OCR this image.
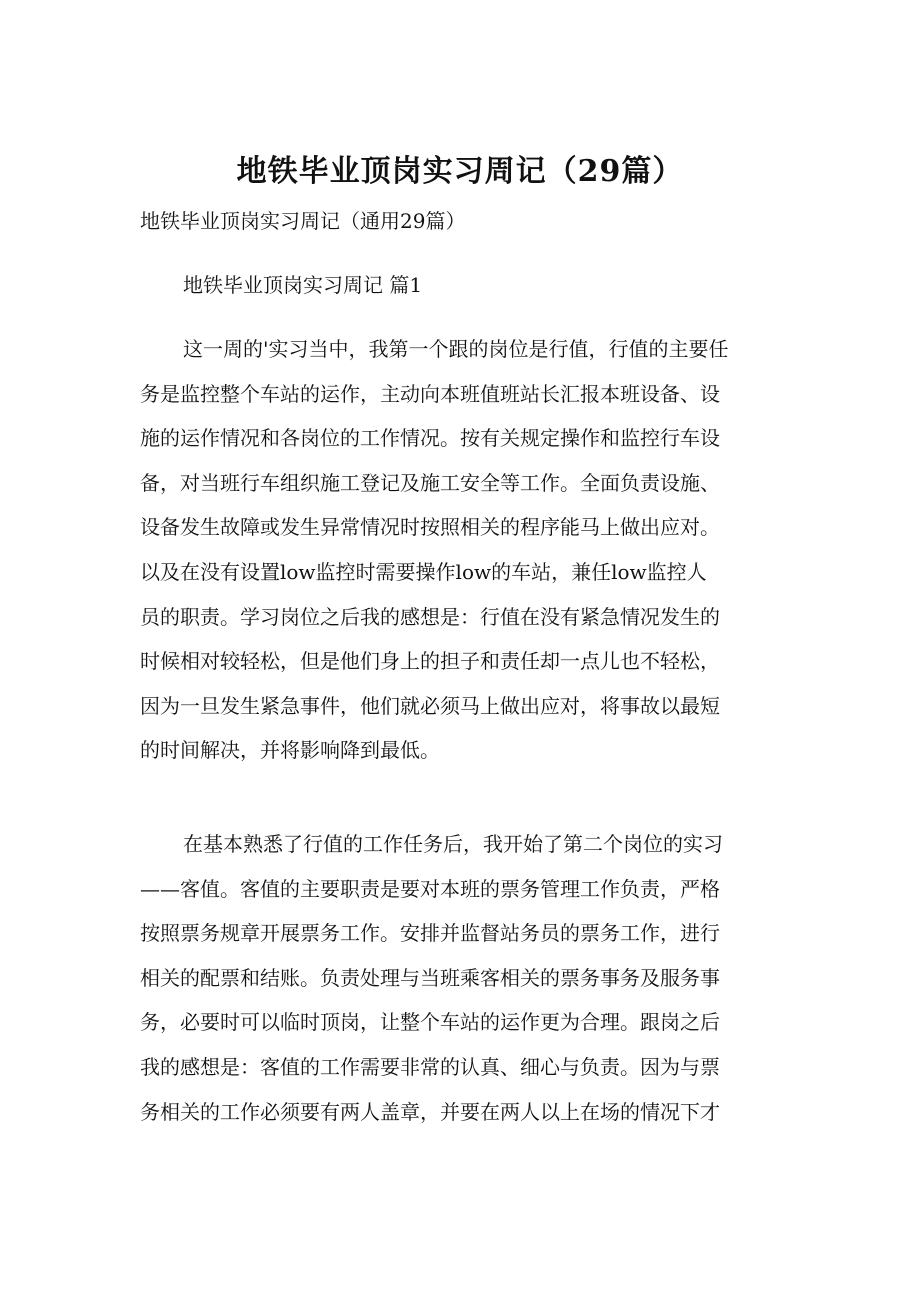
地铁毕业顶岗实习周记（29篇）

地铁毕业顶岗实习周记（通用29篇）

地铁毕业顶岗实习周记 篇1

这一周的'实习当中，我第一个跟的岗位是行值，行值的主要任
务是监控整个车站的运作，主动向本班值班站长汇报本班设备、设
施的运作情况和各岗位的工作情况。按有关规定操作和监控行车设
备，对当班行车组织施工登记及施工安全等工作。全面负责设施、
设备发生故障或发生异常情况时按照相关的程序能马上做出应对。
以及在没有设置low监控时需要操作low的车站，兼任low监控人
员的职责。学习岗位之后我的感想是：行值在没有紧急情况发生的
时候相对较轻松，但是他们身上的担子和责任却一点儿也不轻松，
因为一旦发生紧急事件，他们就必须马上做出应对，将事故以最短
的时间解决，并将影响降到最低。
在基本熟悉了行值的工作任务后，我开始了第二个岗位的实习
——客值。客值的主要职责是要对本班的票务管理工作负责，严格
按照票务规章开展票务工作。安排并监督站务员的票务工作，进行
相关的配票和结账。负责处理与当班乘客相关的票务事务及服务事
务，必要时可以临时顶岗，让整个车站的运作更为合理。跟岗之后
我的感想是：客值的工作需要非常的认真、细心与负责。因为与票
务相关的工作必须要有两人盖章，并要在两人以上在场的情况下才
